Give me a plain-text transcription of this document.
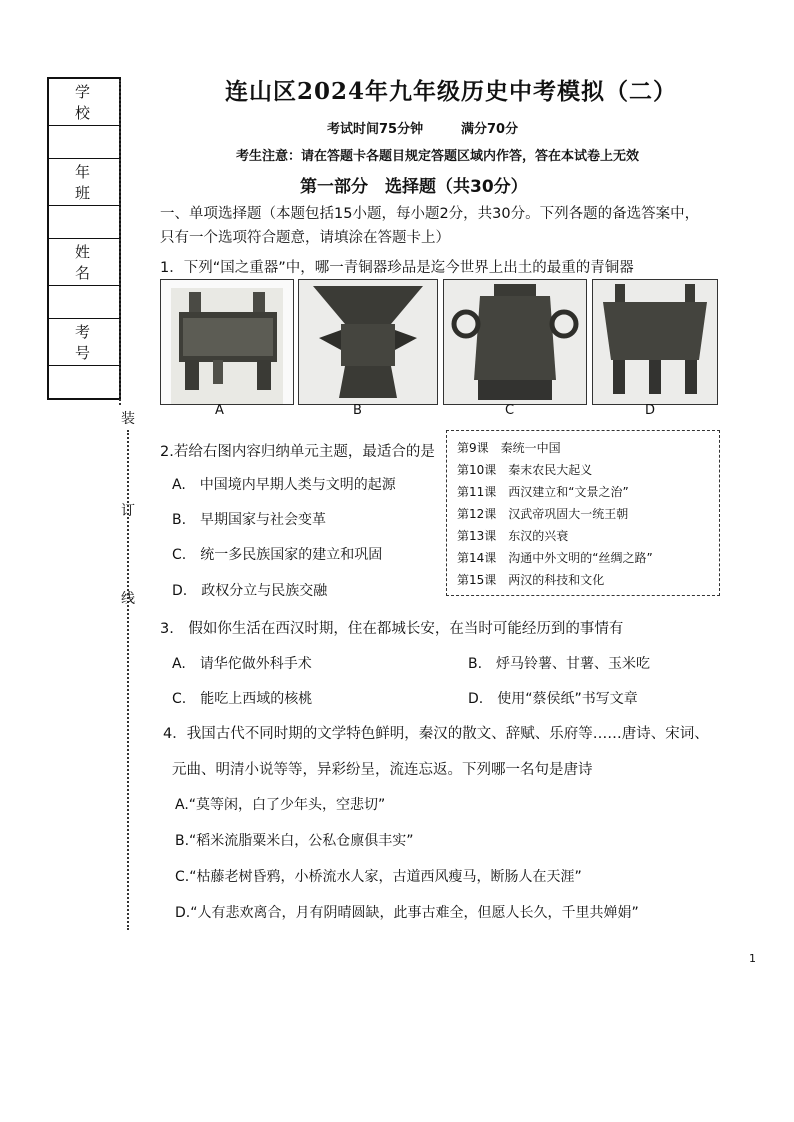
学 校

年 班

姓 名

考 号

装
订
线
连山区2024年九年级历史中考模拟（二）
考试时间75分钟	满分70分
考生注意：请在答题卡各题目规定答题区域内作答，答在本试卷上无效
第一部分　选择题（共30分）
一、单项选择题（本题包括15小题，每小题2分，共30分。下列各题的备选答案中，
只有一个选项符合题意，请填涂在答题卡上）
1．下列“国之重器”中，哪一青铜器珍品是迄今世界上出土的最重的青铜器
A	B	C	D
2.若给右图内容归纳单元主题，最适合的是
A.　中国境内早期人类与文明的起源
B.　早期国家与社会变革
C.　统一多民族国家的建立和巩固
D.　政权分立与民族交融
第9课　秦统一中国
第10课　秦末农民大起义
第11课　西汉建立和“文景之治”
第12课　汉武帝巩固大一统王朝
第13课　东汉的兴衰
第14课　沟通中外文明的“丝绸之路”
第15课　两汉的科技和文化
3.　假如你生活在西汉时期，住在都城长安，在当时可能经历到的事情有
A.　请华佗做外科手术	B.　烀马铃薯、甘薯、玉米吃
C.　能吃上西域的核桃	D.　使用“蔡侯纸”书写文章
4．我国古代不同时期的文学特色鲜明，秦汉的散文、辞赋、乐府等……唐诗、宋词、
元曲、明清小说等等，异彩纷呈，流连忘返。下列哪一名句是唐诗
A.“莫等闲，白了少年头，空悲切”
B.“稻米流脂粟米白，公私仓廪俱丰实”
C.“枯藤老树昏鸦，小桥流水人家，古道西风瘦马，断肠人在天涯”
D.“人有悲欢离合，月有阴晴圆缺，此事古难全，但愿人长久，千里共婵娟”
1
